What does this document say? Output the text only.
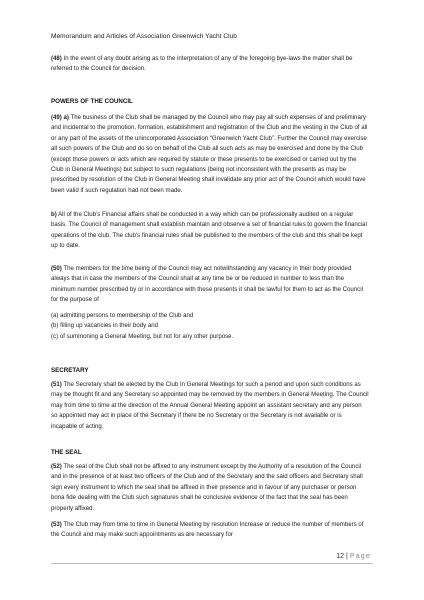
Memorandum and Articles of Association Greenwich Yacht Club
(48) In the event of any doubt arising as to the interpretation of any of the foregoing bye-laws the matter shall be referred to the Council for decision.
POWERS OF THE COUNCIL
(49) a) The business of the Club shall be managed by the Council who may pay all such expenses of and preliminary and incidental to the promotion, formation, establishment and registration of the Club and the vesting in the Club of all or any part of the assets of the unincorporated Association “Greenwich Yacht Club”. Further the Council may exercise all such powers of the Club and do so on behalf of the Club all such acts as may be exercised and done by the Club (except those powers or acts which are required by statute or these presents to be exercised or carried out by the Club in General Meetings) but subject to such regulations (being not inconsistent with the presents as may be prescribed by resolution of the Club in General Meeting shall invalidate any prior act of the Council which would have been valid if such regulation had not been made.
b) All of the Club’s Financial affairs shall be conducted in a way which can be professionally audited on a regular basis. The Council of management shall establish maintain and observe a set of financial rules to govern the financial operations of the club. The club’s financial rules shall be published to the members of the club and this shall be kept up to date.
(50) The members for the time being of the Council may act notwithstanding any vacancy in their body provided always that in case the members of the Council shall at any time be or be reduced in number to less than the minimum number prescribed by or in accordance with these presents it shall be lawful for them to act as the Council for the purpose of
(a) admitting persons to membership of the Club and
(b) filling up vacancies in their body and
(c) of summoning a General Meeting, but not for any other purpose.
SECRETARY
(51) The Secretary shall be elected by the Club In General Meetings for such a period and upon such conditions as may be thought fit and any Secretary so appointed may be removed by the members in General Meeting. The Council may from time to time at the direction of the Annual General Meeting appoint an assistant secretary and any person so appointed may act in place of the Secretary if there be no Secretary or the Secretary is not available or is incapable of acting.
THE SEAL
(52) The seal of the Club shall not be affixed to any instrument except by the Authority of a resolution of the Council and in the presence of at least two officers of the Club and of the Secretary and the said officers and Secretary shall sign every instrument to which the seal shall be affixed in their presence and in favour of any purchaser or person bona fide dealing with the Club such signatures shall he conclusive evidence of the fact that the seal has been properly affixed.
(53) The Club may from time to time in General Meeting by resolution Increase or reduce the number of members of the Council and may make such appointments as are necessary for
12 | Page
